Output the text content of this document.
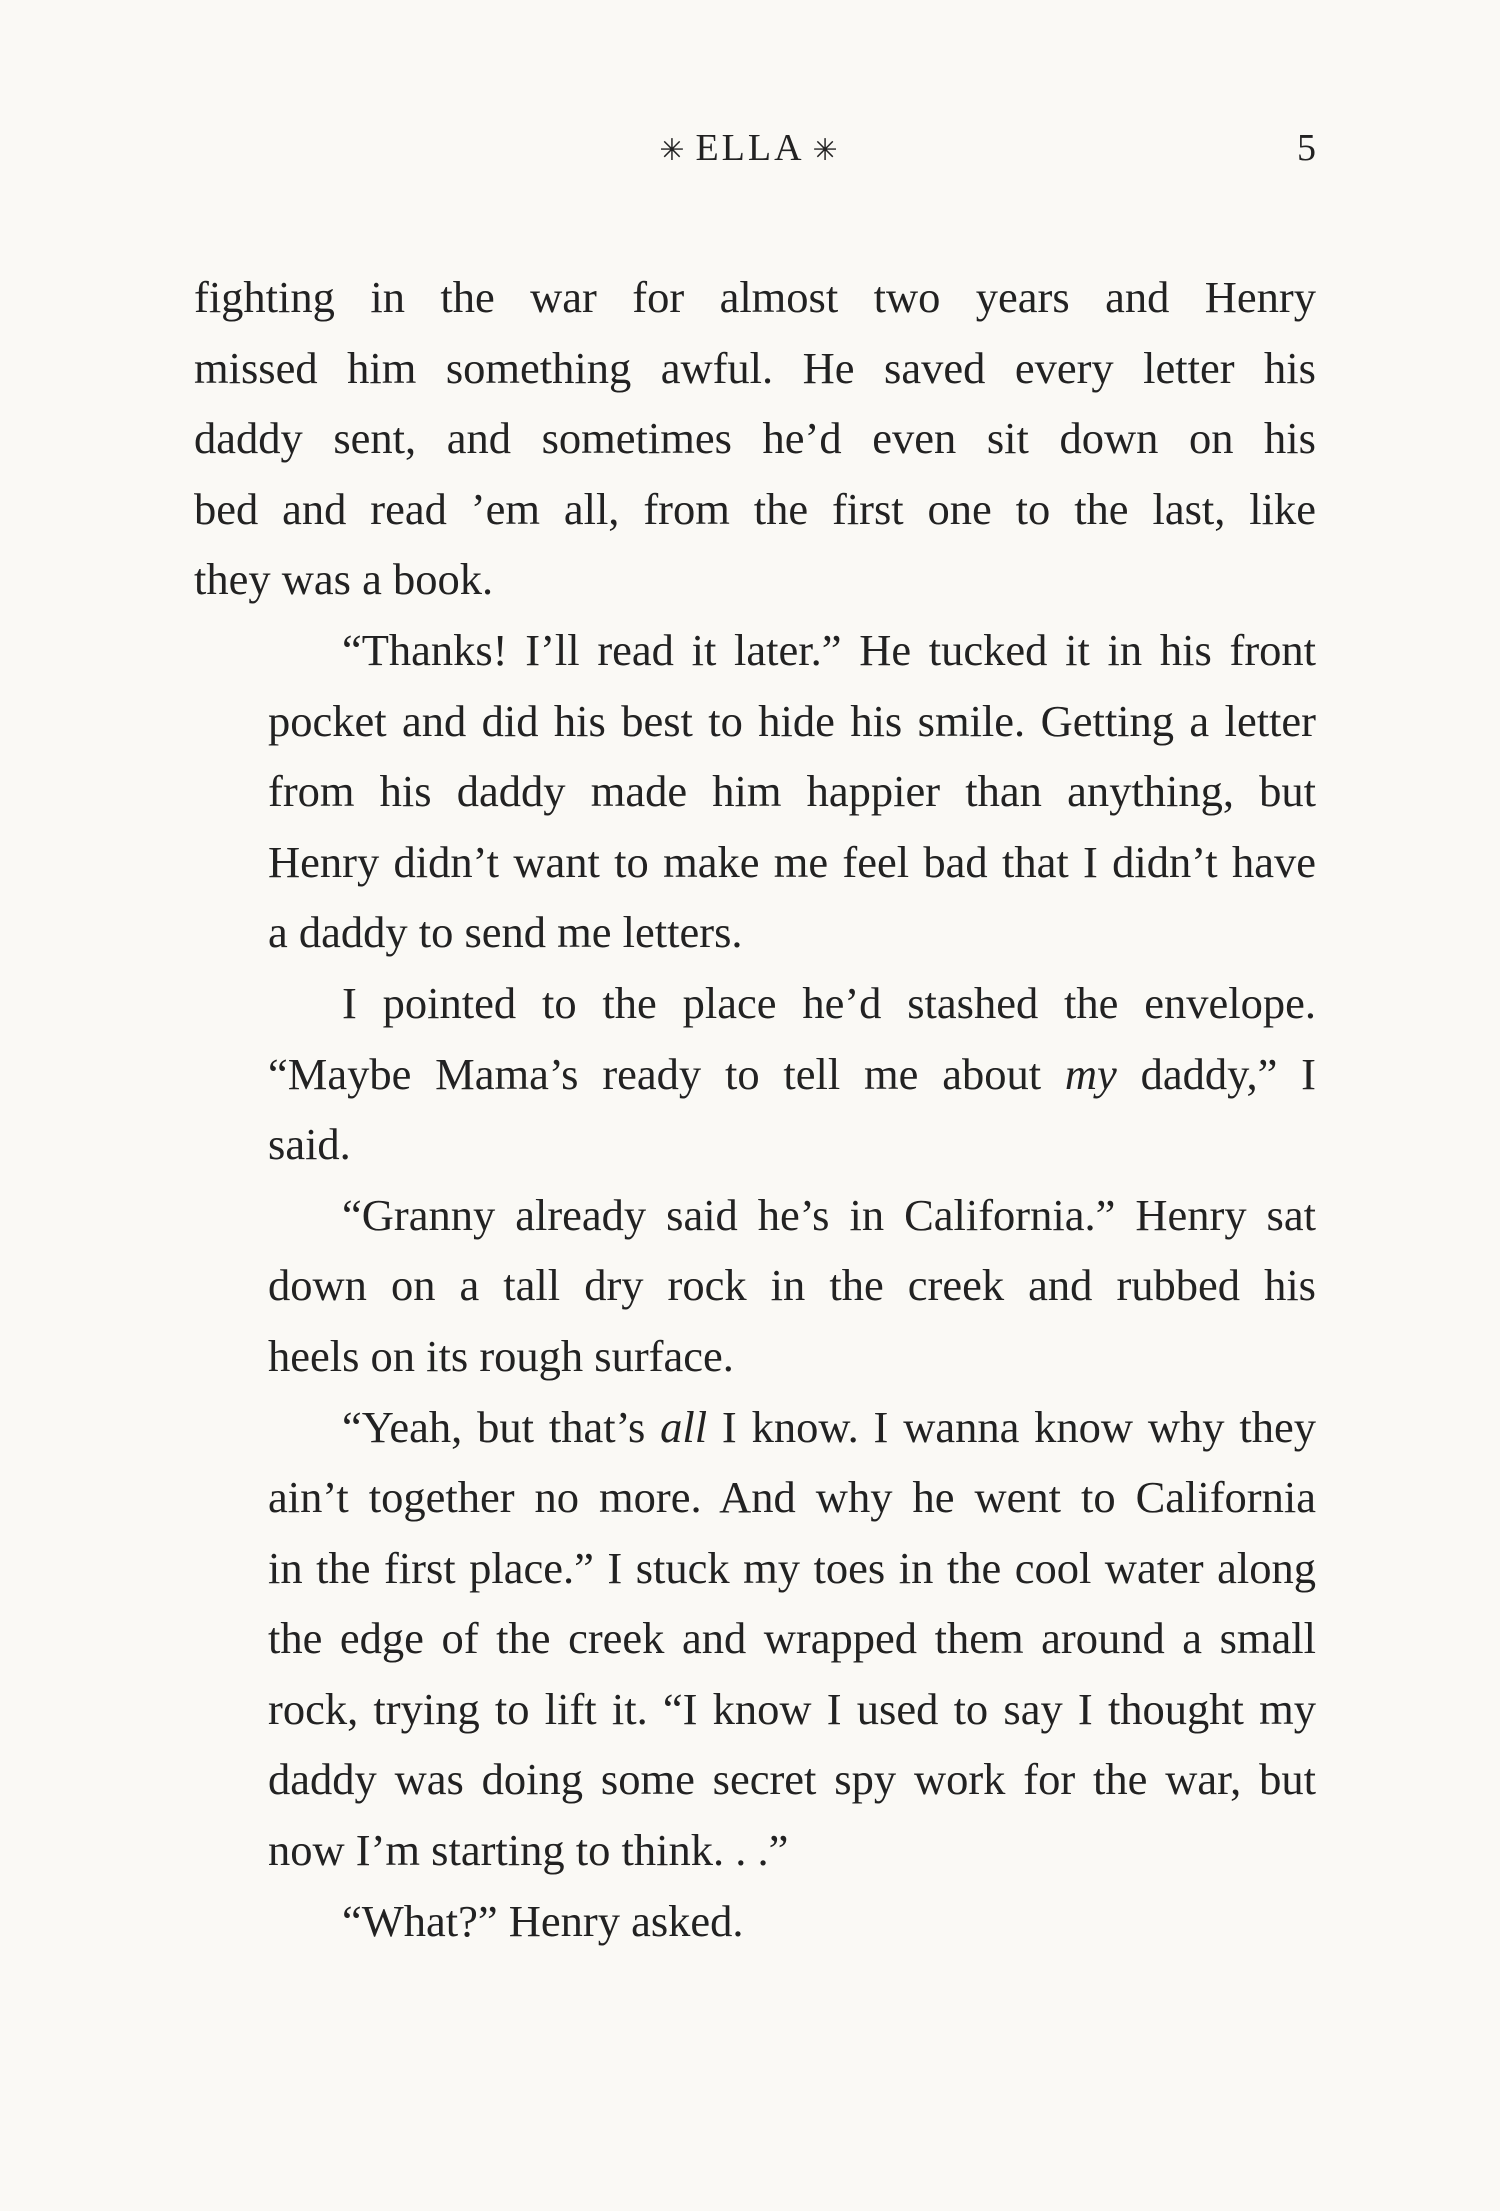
✳ ELLA ✳	5
fighting in the war for almost two years and Henry
missed him something awful. He saved every letter his
daddy sent, and sometimes he’d even sit down on his
bed and read ’em all, from the first one to the last, like
they was a book.
“Thanks! I’ll read it later.” He tucked it in his front
pocket and did his best to hide his smile. Getting a letter
from his daddy made him happier than anything, but
Henry didn’t want to make me feel bad that I didn’t have
a daddy to send me letters.
I pointed to the place he’d stashed the envelope.
“Maybe Mama’s ready to tell me about my daddy,” I
said.
“Granny already said he’s in California.” Henry sat
down on a tall dry rock in the creek and rubbed his
heels on its rough surface.
“Yeah, but that’s all I know. I wanna know why they
ain’t together no more. And why he went to California
in the first place.” I stuck my toes in the cool water along
the edge of the creek and wrapped them around a small
rock, trying to lift it. “I know I used to say I thought my
daddy was doing some secret spy work for the war, but
now I’m starting to think. . .”
“What?” Henry asked.
